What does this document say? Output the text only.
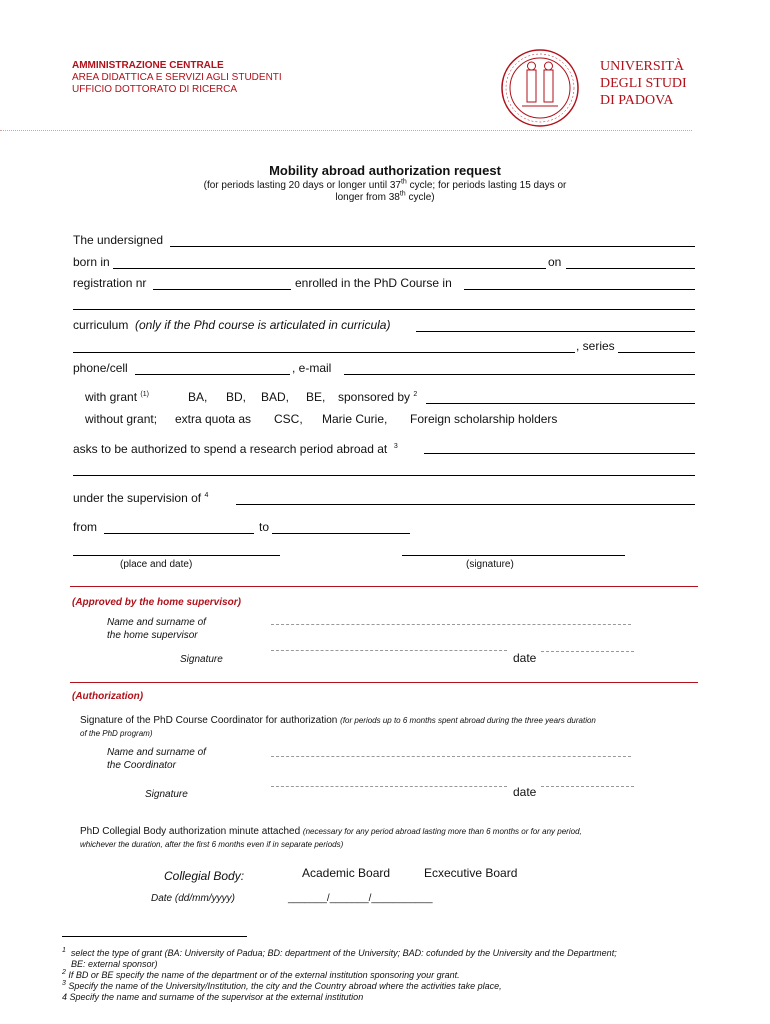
AMMINISTRAZIONE CENTRALE
AREA DIDATTICA E SERVIZI AGLI STUDENTI
UFFICIO DOTTORATO DI RICERCA
UNIVERSITÀ
DEGLI STUDI
DI PADOVA
Mobility abroad authorization request
(for periods lasting 20 days or longer until 37th cycle; for periods lasting 15 days or
longer from 38th cycle)
The undersigned
born in	on
registration nr	enrolled in the PhD Course in
curriculum (only if the Phd course is articulated in curricula)
, series
phone/cell	, e-mail
with grant $^{(1)}$	BA, BD, BAD, BE, sponsored by $^2$
without grant; extra quota as CSC, Marie Curie, Foreign scholarship holders
asks to be authorized to spend a research period abroad at $^3$
under the supervision of $^4$
from	to
(place and date)	(signature)
(Approved by the home supervisor)
Name and surname of
the home supervisor
Signature	date
(Authorization)
Signature of the PhD Course Coordinator for authorization (for periods up to 6 months spent abroad during the three years duration
of the PhD program)
Name and surname of
the Coordinator
Signature	date
PhD Collegial Body authorization minute attached (necessary for any period abroad lasting more than 6 months or for any period,
whichever the duration, after the first 6 months even if in separate periods)
Collegial Body:	Academic Board	Ecxecutive Board
Date (dd/mm/yyyy)	_______/_______/___________
$^1$ select the type of grant (BA: University of Padua; BD: department of the University; BAD: cofunded by the University and the Department;
BE: external sponsor)
$^2$ If BD or BE specify the name of the department or of the external institution sponsoring your grant.
$^3$ Specify the name of the University/Institution, the city and the Country abroad where the activities take place,
4 Specify the name and surname of the supervisor at the external institution
